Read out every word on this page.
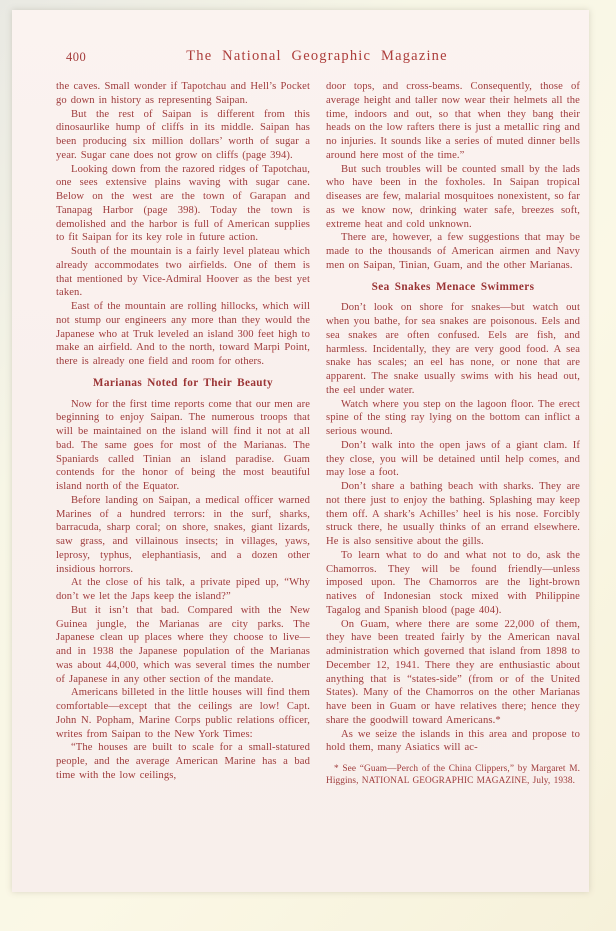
400	The National Geographic Magazine

the caves. Small wonder if Tapotchau and Hell’s Pocket go down in history as representing Saipan.

But the rest of Saipan is different from this dinosaurlike hump of cliffs in its middle. Saipan has been producing six million dollars’ worth of sugar a year. Sugar cane does not grow on cliffs (page 394).

Looking down from the razored ridges of Tapotchau, one sees extensive plains waving with sugar cane. Below on the west are the town of Garapan and Tanapag Harbor (page 398). Today the town is demolished and the harbor is full of American supplies to fit Saipan for its key role in future action.

South of the mountain is a fairly level plateau which already accommodates two airfields. One of them is that mentioned by Vice-Admiral Hoover as the best yet taken.

East of the mountain are rolling hillocks, which will not stump our engineers any more than they would the Japanese who at Truk leveled an island 300 feet high to make an airfield. And to the north, toward Marpi Point, there is already one field and room for others.

Marianas Noted for Their Beauty

Now for the first time reports come that our men are beginning to enjoy Saipan. The numerous troops that will be maintained on the island will find it not at all bad. The same goes for most of the Marianas. The Spaniards called Tinian an island paradise. Guam contends for the honor of being the most beautiful island north of the Equator.

Before landing on Saipan, a medical officer warned Marines of a hundred terrors: in the surf, sharks, barracuda, sharp coral; on shore, snakes, giant lizards, saw grass, and villainous insects; in villages, yaws, leprosy, typhus, elephantiasis, and a dozen other insidious horrors.

At the close of his talk, a private piped up, “Why don’t we let the Japs keep the island?”

But it isn’t that bad. Compared with the New Guinea jungle, the Marianas are city parks. The Japanese clean up places where they choose to live—and in 1938 the Japanese population of the Marianas was about 44,000, which was several times the number of Japanese in any other section of the mandate.

Americans billeted in the little houses will find them comfortable—except that the ceilings are low! Capt. John N. Popham, Marine Corps public relations officer, writes from Saipan to the New York Times:

“The houses are built to scale for a small-statured people, and the average American Marine has a bad time with the low ceilings,

door tops, and cross-beams. Consequently, those of average height and taller now wear their helmets all the time, indoors and out, so that when they bang their heads on the low rafters there is just a metallic ring and no injuries. It sounds like a series of muted dinner bells around here most of the time.”

But such troubles will be counted small by the lads who have been in the foxholes. In Saipan tropical diseases are few, malarial mosquitoes nonexistent, so far as we know now, drinking water safe, breezes soft, extreme heat and cold unknown.

There are, however, a few suggestions that may be made to the thousands of American airmen and Navy men on Saipan, Tinian, Guam, and the other Marianas.

Sea Snakes Menace Swimmers

Don’t look on shore for snakes—but watch out when you bathe, for sea snakes are poisonous. Eels and sea snakes are often confused. Eels are fish, and harmless. Incidentally, they are very good food. A sea snake has scales; an eel has none, or none that are apparent. The snake usually swims with his head out, the eel under water.

Watch where you step on the lagoon floor. The erect spine of the sting ray lying on the bottom can inflict a serious wound.

Don’t walk into the open jaws of a giant clam. If they close, you will be detained until help comes, and may lose a foot.

Don’t share a bathing beach with sharks. They are not there just to enjoy the bathing. Splashing may keep them off. A shark’s Achilles’ heel is his nose. Forcibly struck there, he usually thinks of an errand elsewhere. He is also sensitive about the gills.

To learn what to do and what not to do, ask the Chamorros. They will be found friendly—unless imposed upon. The Chamorros are the light-brown natives of Indonesian stock mixed with Philippine Tagalog and Spanish blood (page 404).

On Guam, where there are some 22,000 of them, they have been treated fairly by the American naval administration which governed that island from 1898 to December 12, 1941. There they are enthusiastic about anything that is “states-side” (from or of the United States). Many of the Chamorros on the other Marianas have been in Guam or have relatives there; hence they share the goodwill toward Americans.*

As we seize the islands in this area and propose to hold them, many Asiatics will ac-

* See “Guam—Perch of the China Clippers,” by Margaret M. Higgins, NATIONAL GEOGRAPHIC MAGAZINE, July, 1938.
